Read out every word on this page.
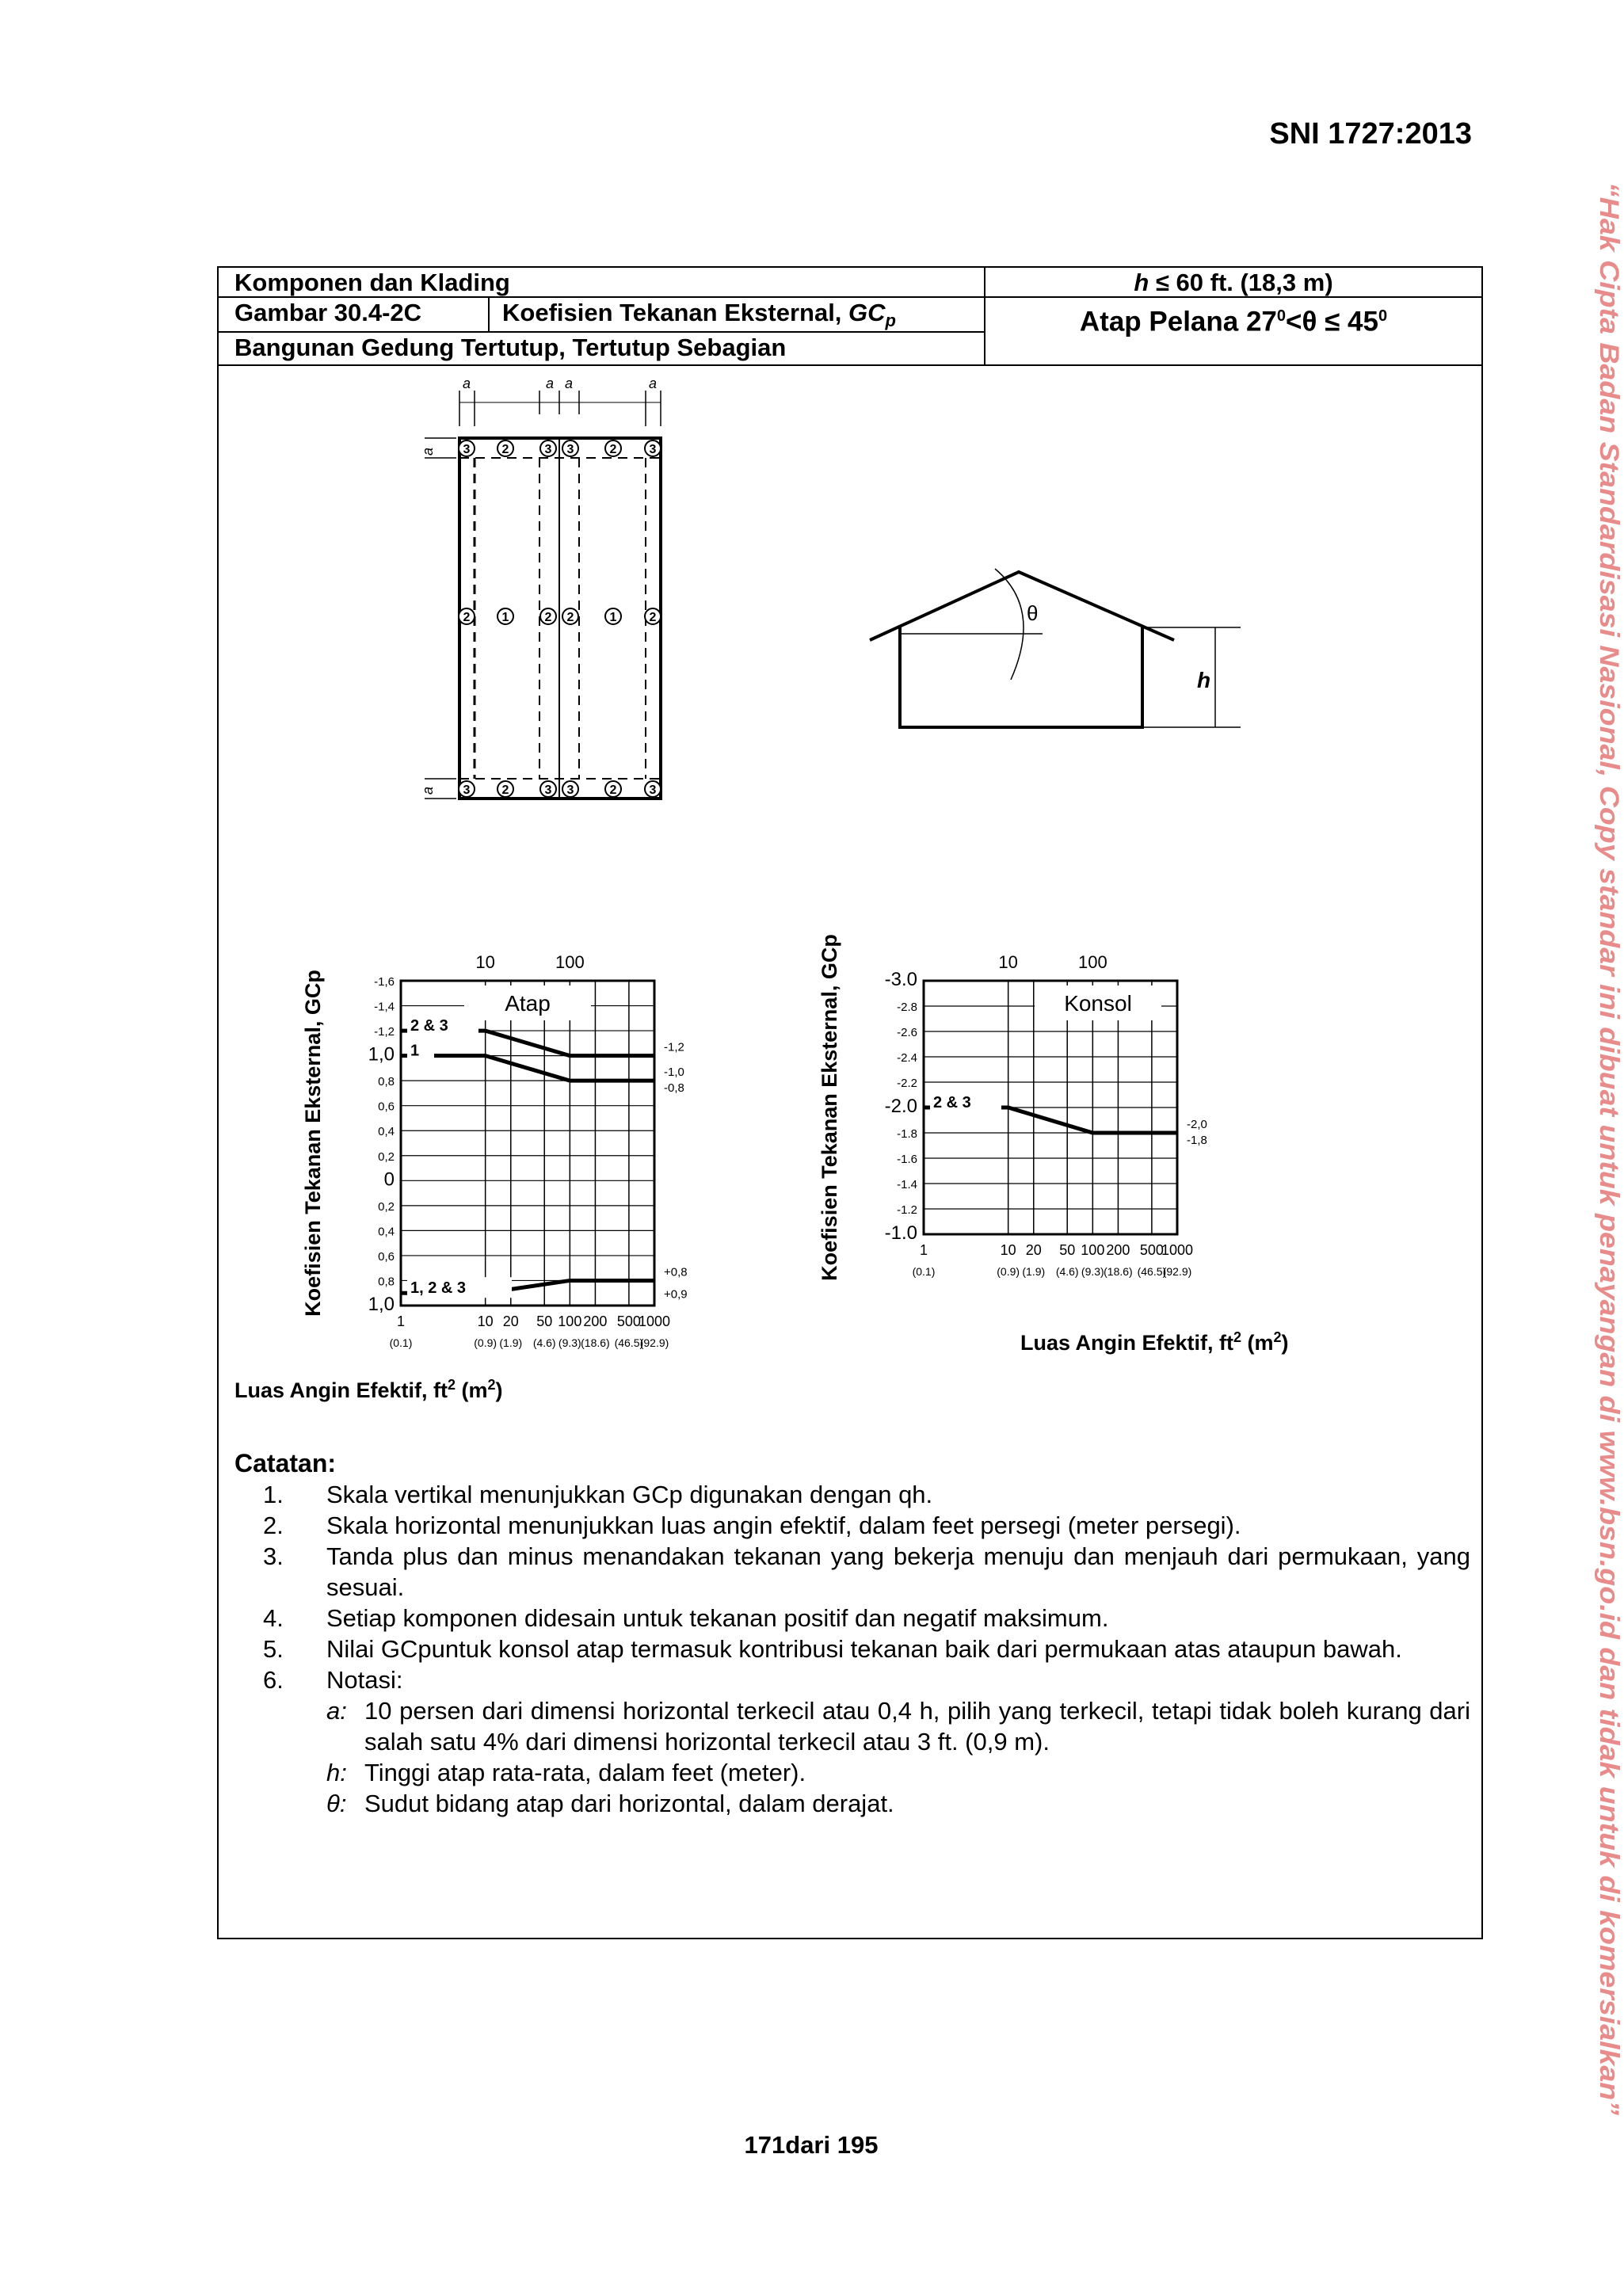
SNI 1727:2013
“Hak Cipta Badan Standardisasi Nasional, Copy standar ini dibuat untuk penayangan di www.bsn.go.id dan tidak untuk di komersialkan”
Komponen dan Klading	h ≤ 60 ft. (18,3 m)
Gambar 30.4-2C	Koefisien Tekanan Eksternal, $GC_p$	Atap Pelana $27^0<\theta \le 45^0$
Bangunan Gedung Tertutup, Tertutup Sebagian
3	2	3 3	2	3
2	1	2 2	1	2
3	2	3 3	2	3
a	a a	a
a
a
θ
h
-1,6
-1,4
-1,2
1,0
0,8
0,6
0,4
0,2
0
0,2
0,4
0,6
0,8
1,0
1
(0.1)
10
(0.9)
20
(1.9)
50
(4.6)
100
(9.3)
200
(18.6)
500
(46.5)
1000
(92.9)
10	100
Atap
2 & 3
-1,2
1
-1,0
1, 2 & 3
+0,8
-0,8
+0,9
Koefisien Tekanan Eksternal, GCp	-3.0
-2.8
-2.6
-2.4
-2.2
-2.0
-1.8
-1.6
-1.4
-1.2
-1.0
1
(0.1)
10
(0.9)
20
(1.9)
50
(4.6)
100
(9.3)
200
(18.6)
500
(46.5)
1000
(92.9)
10	100
Konsol
2 & 3
-2,0
-1,8
Koefisien Tekanan Eksternal, GCp
Luas Angin Efektif, $ft^2$ $(m^2)$
Luas Angin Efektif, $ft^2$ $(m^2)$
Catatan:
1. Skala vertikal menunjukkan GCp digunakan dengan qh.
2. Skala horizontal menunjukkan luas angin efektif, dalam feet persegi (meter persegi).
3. Tanda plus dan minus menandakan tekanan yang bekerja menuju dan menjauh dari permukaan, yang sesuai.
4. Setiap komponen didesain untuk tekanan positif dan negatif maksimum.
5. Nilai GCpuntuk konsol atap termasuk kontribusi tekanan baik dari permukaan atas ataupun bawah.
6. Notasi:
a: 10 persen dari dimensi horizontal terkecil atau 0,4 h, pilih yang terkecil, tetapi tidak boleh kurang dari salah satu 4% dari dimensi horizontal terkecil atau 3 ft. (0,9 m).
h: Tinggi atap rata-rata, dalam feet (meter).
θ: Sudut bidang atap dari horizontal, dalam derajat.
171dari 195
